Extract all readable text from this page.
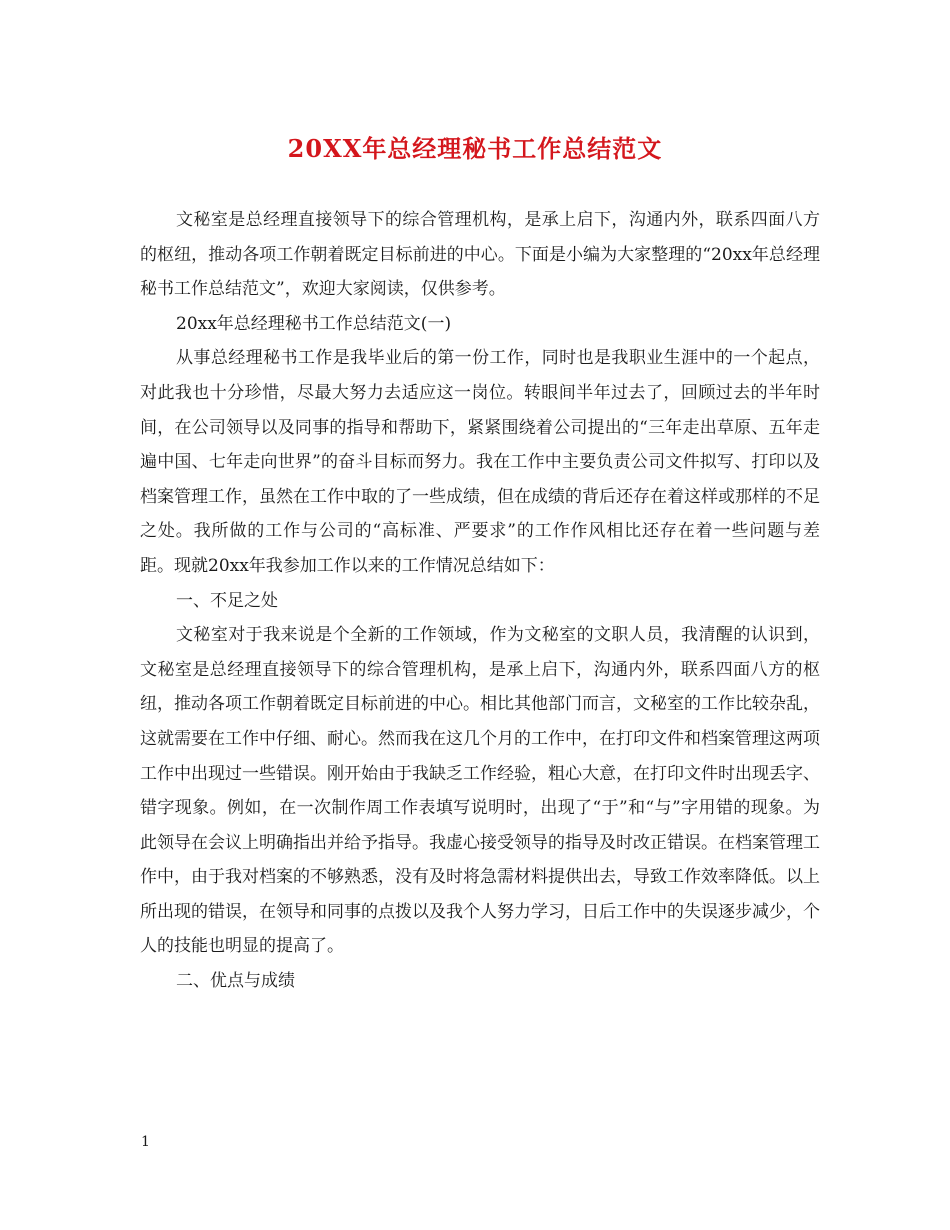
20XX年总经理秘书工作总结范文

文秘室是总经理直接领导下的综合管理机构，是承上启下，沟通内外，联系四面八方的枢纽，推动各项工作朝着既定目标前进的中心。下面是小编为大家整理的“20xx年总经理秘书工作总结范文”，欢迎大家阅读，仅供参考。

20xx年总经理秘书工作总结范文(一)

从事总经理秘书工作是我毕业后的第一份工作，同时也是我职业生涯中的一个起点，对此我也十分珍惜，尽最大努力去适应这一岗位。转眼间半年过去了，回顾过去的半年时间，在公司领导以及同事的指导和帮助下，紧紧围绕着公司提出的“三年走出草原、五年走遍中国、七年走向世界”的奋斗目标而努力。我在工作中主要负责公司文件拟写、打印以及档案管理工作，虽然在工作中取的了一些成绩，但在成绩的背后还存在着这样或那样的不足之处。我所做的工作与公司的“高标准、严要求”的工作作风相比还存在着一些问题与差距。现就20xx年我参加工作以来的工作情况总结如下：

一、不足之处

文秘室对于我来说是个全新的工作领域，作为文秘室的文职人员，我清醒的认识到，文秘室是总经理直接领导下的综合管理机构，是承上启下，沟通内外，联系四面八方的枢纽，推动各项工作朝着既定目标前进的中心。相比其他部门而言，文秘室的工作比较杂乱，这就需要在工作中仔细、耐心。然而我在这几个月的工作中，在打印文件和档案管理这两项工作中出现过一些错误。刚开始由于我缺乏工作经验，粗心大意，在打印文件时出现丢字、错字现象。例如，在一次制作周工作表填写说明时，出现了“于”和“与”字用错的现象。为此领导在会议上明确指出并给予指导。我虚心接受领导的指导及时改正错误。在档案管理工作中，由于我对档案的不够熟悉，没有及时将急需材料提供出去，导致工作效率降低。以上所出现的错误，在领导和同事的点拨以及我个人努力学习，日后工作中的失误逐步减少，个人的技能也明显的提高了。

二、优点与成绩

1
